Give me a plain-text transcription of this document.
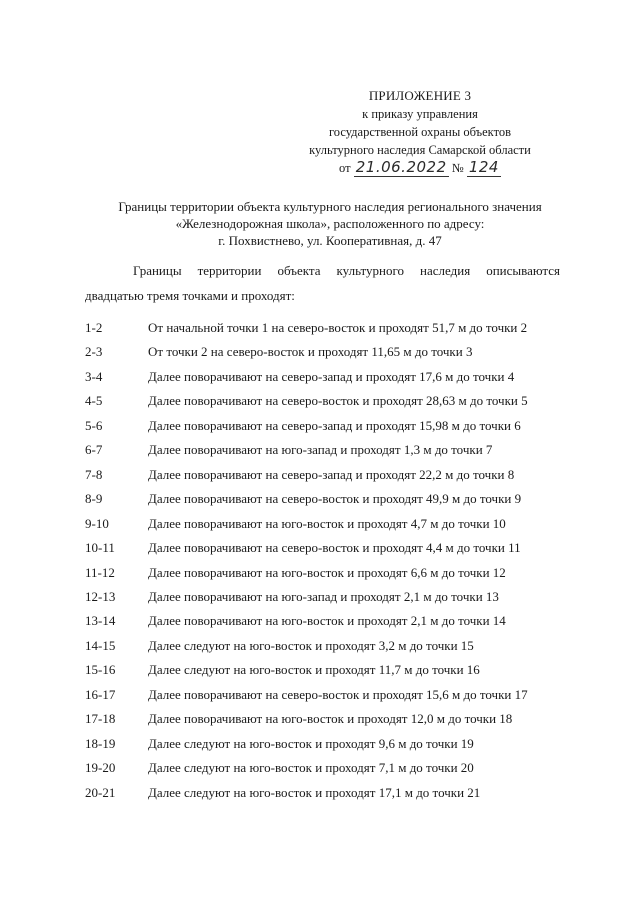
ПРИЛОЖЕНИЕ 3
к приказу управления
государственной охраны объектов
культурного наследия Самарской области
от 21.06.2022 № 124
Границы территории объекта культурного наследия регионального значения
«Железнодорожная школа», расположенного по адресу:
г. Похвистнево, ул. Кооперативная, д. 47
Границы территории объекта культурного наследия описываются
двадцатью тремя точками и проходят:
1-2	От начальной точки 1 на северо-восток и проходят 51,7 м до точки 2
2-3	От точки 2 на северо-восток и проходят 11,65 м до точки 3
3-4	Далее поворачивают на северо-запад и проходят 17,6 м до точки 4
4-5	Далее поворачивают на северо-восток и проходят 28,63 м до точки 5
5-6	Далее поворачивают на северо-запад и проходят 15,98 м до точки 6
6-7	Далее поворачивают на юго-запад и проходят 1,3 м до точки 7
7-8	Далее поворачивают на северо-запад и проходят 22,2 м до точки 8
8-9	Далее поворачивают на северо-восток и проходят 49,9 м до точки 9
9-10	Далее поворачивают на юго-восток и проходят 4,7 м до точки 10
10-11	Далее поворачивают на северо-восток и проходят 4,4 м до точки 11
11-12	Далее поворачивают на юго-восток и проходят 6,6 м до точки 12
12-13	Далее поворачивают на юго-запад и проходят 2,1 м до точки 13
13-14	Далее поворачивают на юго-восток и проходят 2,1 м до точки 14
14-15	Далее следуют на юго-восток и проходят 3,2 м до точки 15
15-16	Далее следуют на юго-восток и проходят 11,7 м до точки 16
16-17	Далее поворачивают на северо-восток и проходят 15,6 м до точки 17
17-18	Далее поворачивают на юго-восток и проходят 12,0 м до точки 18
18-19	Далее следуют на юго-восток и проходят 9,6 м до точки 19
19-20	Далее следуют на юго-восток и проходят 7,1 м до точки 20
20-21	Далее следуют на юго-восток и проходят 17,1 м до точки 21
